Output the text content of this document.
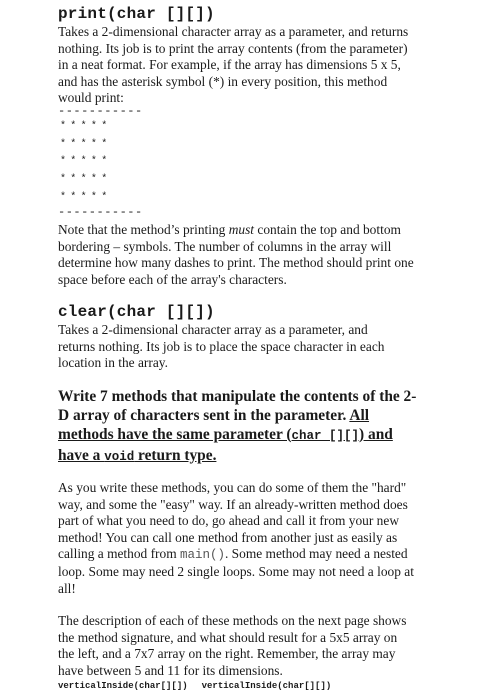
print(char [][])

Takes a 2-dimensional character array as a parameter, and returns nothing. Its job is to print the array contents (from the parameter) in a neat format. For example, if the array has dimensions 5 x 5, and has the asterisk symbol (*) in every position, this method would print:

-----------
*****
*****
*****
*****
*****
-----------

Note that the method’s printing must contain the top and bottom bordering – symbols. The number of columns in the array will determine how many dashes to print. The method should print one space before each of the array's characters.

clear(char [][])

Takes a 2-dimensional character array as a parameter, and returns nothing. Its job is to place the space character in each location in the array.

Write 7 methods that manipulate the contents of the 2-D array of characters sent in the parameter. All methods have the same parameter (char [][]) and have a void return type.

As you write these methods, you can do some of them the "hard" way, and some the "easy" way. If an already-written method does part of what you need to do, go ahead and call it from your new method! You can call one method from another just as easily as calling a method from main(). Some method may need a nested loop. Some may need 2 single loops. Some may not need a loop at all!

The description of each of these methods on the next page shows the method signature, and what should result for a 5x5 array on the left, and a 7x7 array on the right. Remember, the array may have between 5 and 11 for its dimensions.

verticalInside(char[][]) verticalInside(char[][])
